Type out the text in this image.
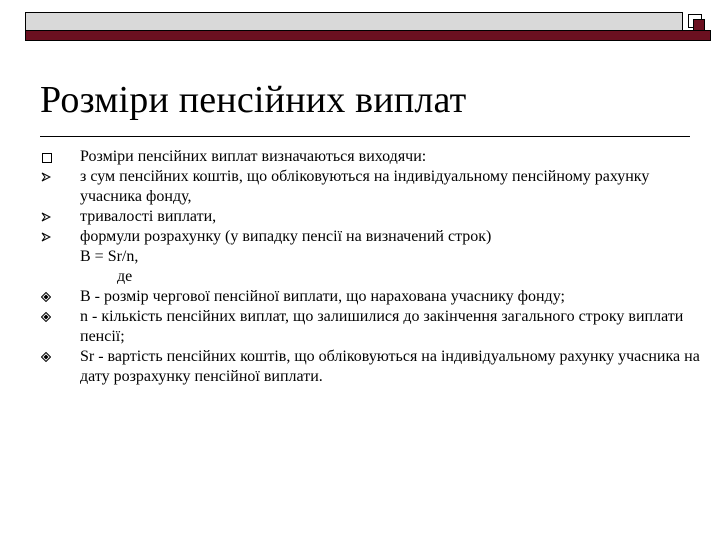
Розміри пенсійних виплат
Розміри пенсійних виплат визначаються виходячи:
з сум пенсійних коштів, що обліковуються на індивідуальному пенсійному рахунку учасника фонду,
тривалості виплати,
формули розрахунку (у випадку пенсії на визначений строк)
B = Sr/n,
де
B - розмір чергової пенсійної виплати, що нарахована учаснику фонду;
n - кількість пенсійних виплат, що залишилися до закінчення загального строку виплати пенсії;
Sr - вартість пенсійних коштів, що обліковуються на індивідуальному рахунку учасника на дату розрахунку пенсійної виплати.
